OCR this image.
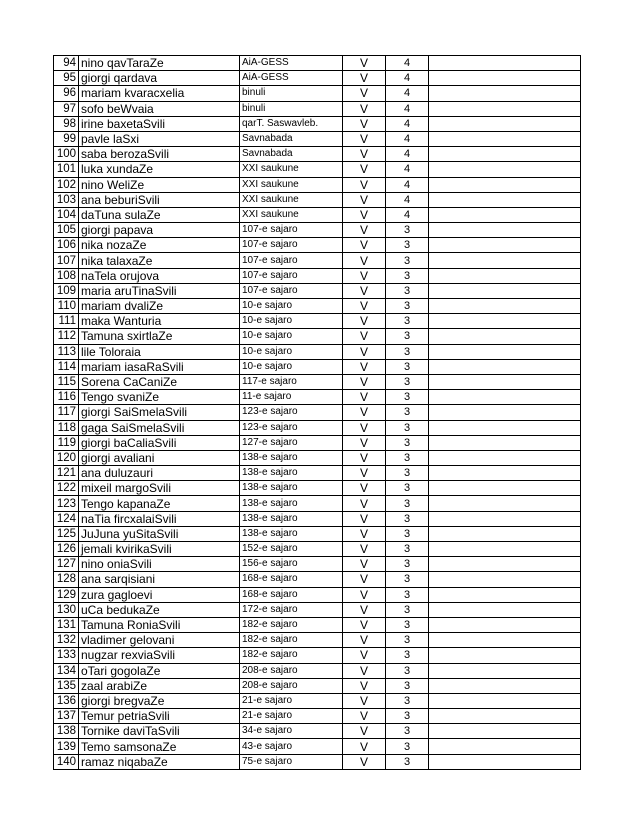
94	nino qavTaraZe	AiA-GESS	V	4	
95	giorgi qardava	AiA-GESS	V	4	
96	mariam kvaracxelia	binuli	V	4	
97	sofo beWvaia	binuli	V	4	
98	irine baxetaSvili	qarT. Saswavleb.	V	4	
99	pavle laSxi	Savnabada	V	4	
100	saba berozaSvili	Savnabada	V	4	
101	luka xundaZe	XXI saukune	V	4	
102	nino WeliZe	XXI saukune	V	4	
103	ana beburiSvili	XXI saukune	V	4	
104	daTuna sulaZe	XXI saukune	V	4	
105	giorgi papava	107-e sajaro	V	3	
106	nika nozaZe	107-e sajaro	V	3	
107	nika talaxaZe	107-e sajaro	V	3	
108	naTela orujova	107-e sajaro	V	3	
109	maria aruTinaSvili	107-e sajaro	V	3	
110	mariam dvaliZe	10-e sajaro	V	3	
111	maka Wanturia	10-e sajaro	V	3	
112	Tamuna sxirtlaZe	10-e sajaro	V	3	
113	lile Toloraia	10-e sajaro	V	3	
114	mariam iasaRaSvili	10-e sajaro	V	3	
115	Sorena CaCaniZe	117-e sajaro	V	3	
116	Tengo svaniZe	11-e sajaro	V	3	
117	giorgi SaiSmelaSvili	123-e sajaro	V	3	
118	gaga SaiSmelaSvili	123-e sajaro	V	3	
119	giorgi baCaliaSvili	127-e sajaro	V	3	
120	giorgi avaliani	138-e sajaro	V	3	
121	ana duluzauri	138-e sajaro	V	3	
122	mixeil margoSvili	138-e sajaro	V	3	
123	Tengo kapanaZe	138-e sajaro	V	3	
124	naTia fircxalaiSvili	138-e sajaro	V	3	
125	JuJuna yuSitaSvili	138-e sajaro	V	3	
126	jemali kvirikaSvili	152-e sajaro	V	3	
127	nino oniaSvili	156-e sajaro	V	3	
128	ana sarqisiani	168-e sajaro	V	3	
129	zura gagloevi	168-e sajaro	V	3	
130	uCa bedukaZe	172-e sajaro	V	3	
131	Tamuna RoniaSvili	182-e sajaro	V	3	
132	vladimer gelovani	182-e sajaro	V	3	
133	nugzar rexviaSvili	182-e sajaro	V	3	
134	oTari gogolaZe	208-e sajaro	V	3	
135	zaal arabiZe	208-e sajaro	V	3	
136	giorgi bregvaZe	21-e sajaro	V	3	
137	Temur petriaSvili	21-e sajaro	V	3	
138	Tornike daviTaSvili	34-e sajaro	V	3	
139	Temo samsonaZe	43-e sajaro	V	3	
140	ramaz niqabaZe	75-e sajaro	V	3	
